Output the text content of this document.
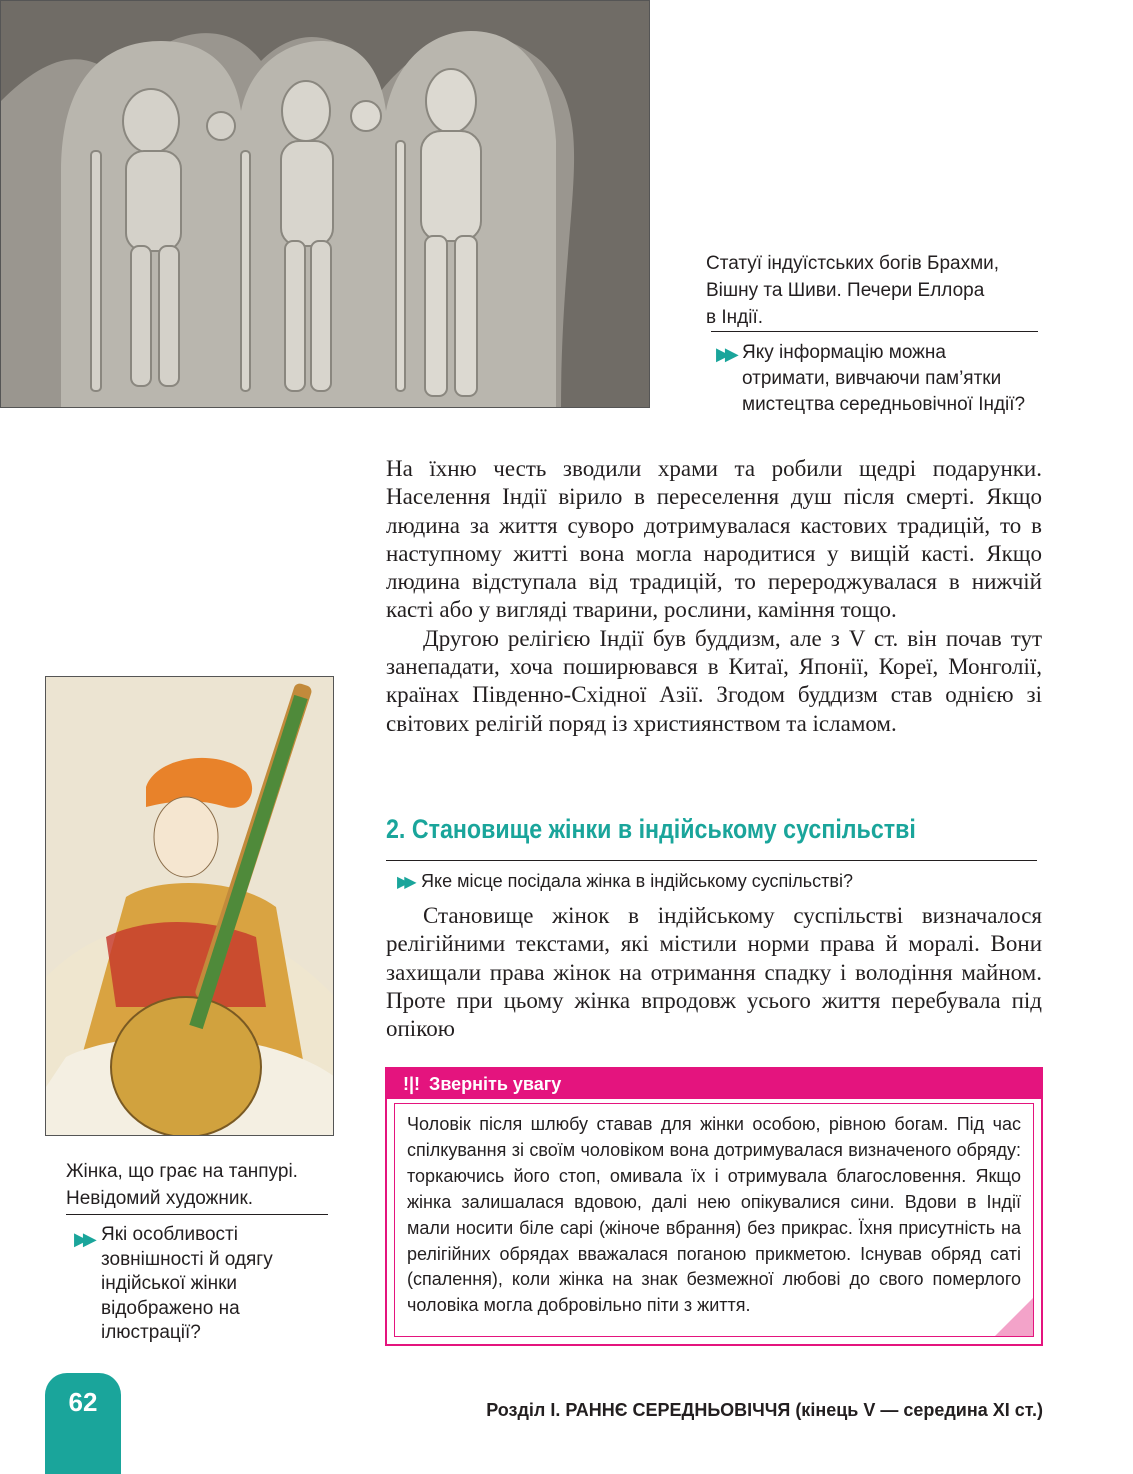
Статуї індуїстських богів Брахми,
Вішну та Шиви. Печери Еллора
в Індії.
▶▶ Яку інформацію можна
отримати, вивчаючи пам’ятки
мистецтва середньовічної Індії?

На їхню честь зводили храми та робили щедрі подарунки. Населення Індії вірило в переселення душ після смерті. Якщо людина за життя суворо дотримувалася кастових традицій, то в наступному житті вона могла народитися у вищій касті. Якщо людина відступала від традицій, то перероджувалася в нижчій касті або у вигляді тварини, рослини, каміння тощо.

Другою релігією Індії був буддизм, але з V ст. він почав тут занепадати, хоча поширювався в Китаї, Японії, Кореї, Монголії, країнах Південно-Східної Азії. Згодом буддизм став однією зі світових релігій поряд із християнством та ісламом.

2. Становище жінки в індійському суспільстві
▶▶ Яке місце посідала жінка в індійському суспільстві?

Становище жінок в індійському суспільстві визначалося релігійними текстами, які містили норми права й моралі. Вони захищали права жінок на отримання спадку і володіння майном. Проте при цьому жінка впродовж усього життя перебувала під опікою

Жінка, що грає на танпурі.
Невідомий художник.
▶▶ Які особливості
зовнішності й одягу
індійської жінки
відображено на
ілюстрації?
!|! Зверніть увагу
Чоловік після шлюбу ставав для жінки особою, рівною богам. Під час спілкування зі своїм чоловіком вона дотримувалася визначеного обряду: торкаючись його стоп, омивала їх і отримувала благословення. Якщо жінка залишалася вдовою, далі нею опікувалися сини. Вдови в Індії мали носити біле сарі (жіноче вбрання) без прикрас. Їхня присутність на релігійних обрядах вважалася поганою прикметою. Існував обряд саті (спалення), коли жінка на знак безмежної любові до свого померлого чоловіка могла добровільно піти з життя.
62	Розділ І. РАННЄ СЕРЕДНЬОВІЧЧЯ (кінець V — середина XI ст.)
